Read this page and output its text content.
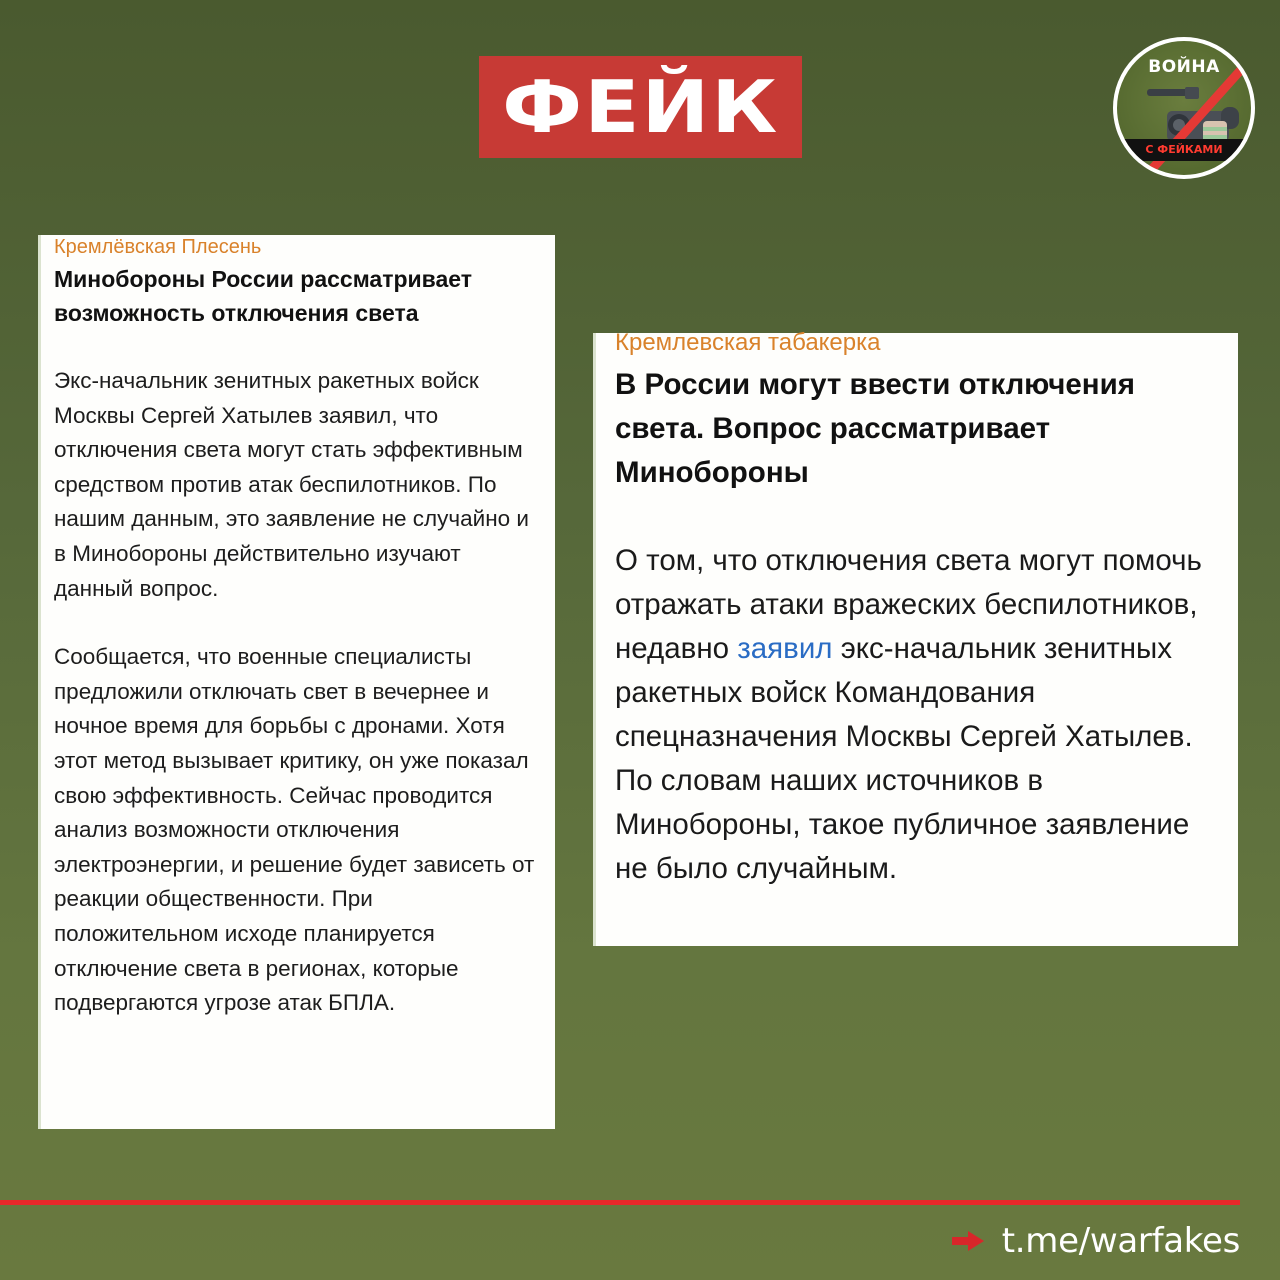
ФЕЙК	ВОЙНА
С ФЕЙКАМИ
Кремлёвская Плесень
Минобороны России рассматривает возможность отключения света
Экс-начальник зенитных ракетных войск Москвы Сергей Хатылев заявил, что отключения света могут стать эффективным средством против атак беспилотников. По нашим данным, это заявление не случайно и в Минобороны действительно изучают данный вопрос.
Сообщается, что военные специалисты предложили отключать свет в вечернее и ночное время для борьбы с дронами. Хотя этот метод вызывает критику, он уже показал свою эффективность. Сейчас проводится анализ возможности отключения электроэнергии, и решение будет зависеть от реакции общественности. При положительном исходе планируется отключение света в регионах, которые подвергаются угрозе атак БПЛА.
Кремлевская табакерка
В России могут ввести отключения света. Вопрос рассматривает Минобороны
О том, что отключения света могут помочь отражать атаки вражеских беспилотников, недавно заявил экс-начальник зенитных ракетных войск Командования спецназначения Москвы Сергей Хатылев. По словам наших источников в Минобороны, такое публичное заявление не было случайным.
t.me/warfakes
